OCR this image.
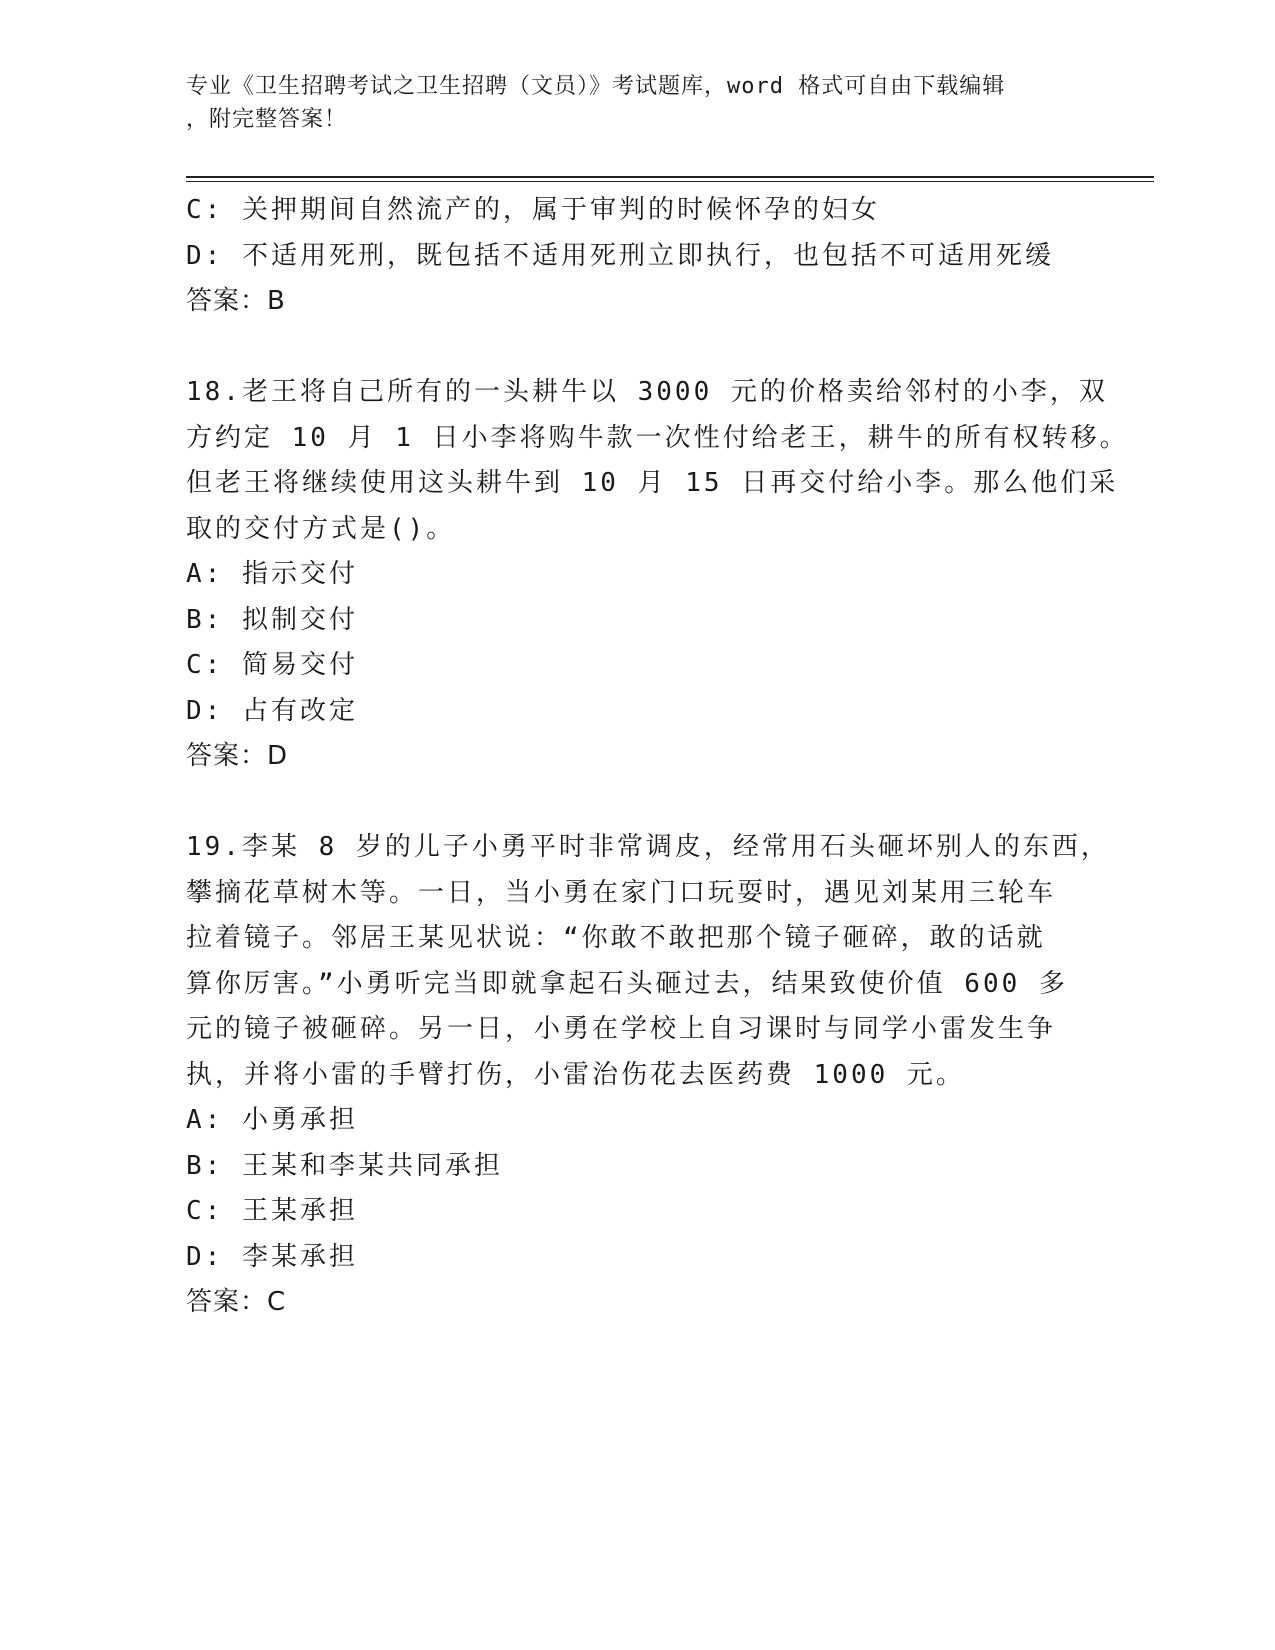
专业《卫生招聘考试之卫生招聘（文员）》考试题库，word 格式可自由下载编辑
，附完整答案！
C: 关押期间自然流产的，属于审判的时候怀孕的妇女
D: 不适用死刑，既包括不适用死刑立即执行，也包括不可适用死缓
答案：B
18.老王将自己所有的一头耕牛以 3000 元的价格卖给邻村的小李，双
方约定 10 月 1 日小李将购牛款一次性付给老王，耕牛的所有权转移。
但老王将继续使用这头耕牛到 10 月 15 日再交付给小李。那么他们采
取的交付方式是()。
A: 指示交付
B: 拟制交付
C: 简易交付
D: 占有改定
答案：D
19.李某 8 岁的儿子小勇平时非常调皮，经常用石头砸坏别人的东西，
攀摘花草树木等。一日，当小勇在家门口玩耍时，遇见刘某用三轮车
拉着镜子。邻居王某见状说：“你敢不敢把那个镜子砸碎，敢的话就
算你厉害。”小勇听完当即就拿起石头砸过去，结果致使价值 600 多
元的镜子被砸碎。另一日，小勇在学校上自习课时与同学小雷发生争
执，并将小雷的手臂打伤，小雷治伤花去医药费 1000 元。
A: 小勇承担
B: 王某和李某共同承担
C: 王某承担
D: 李某承担
答案：C
